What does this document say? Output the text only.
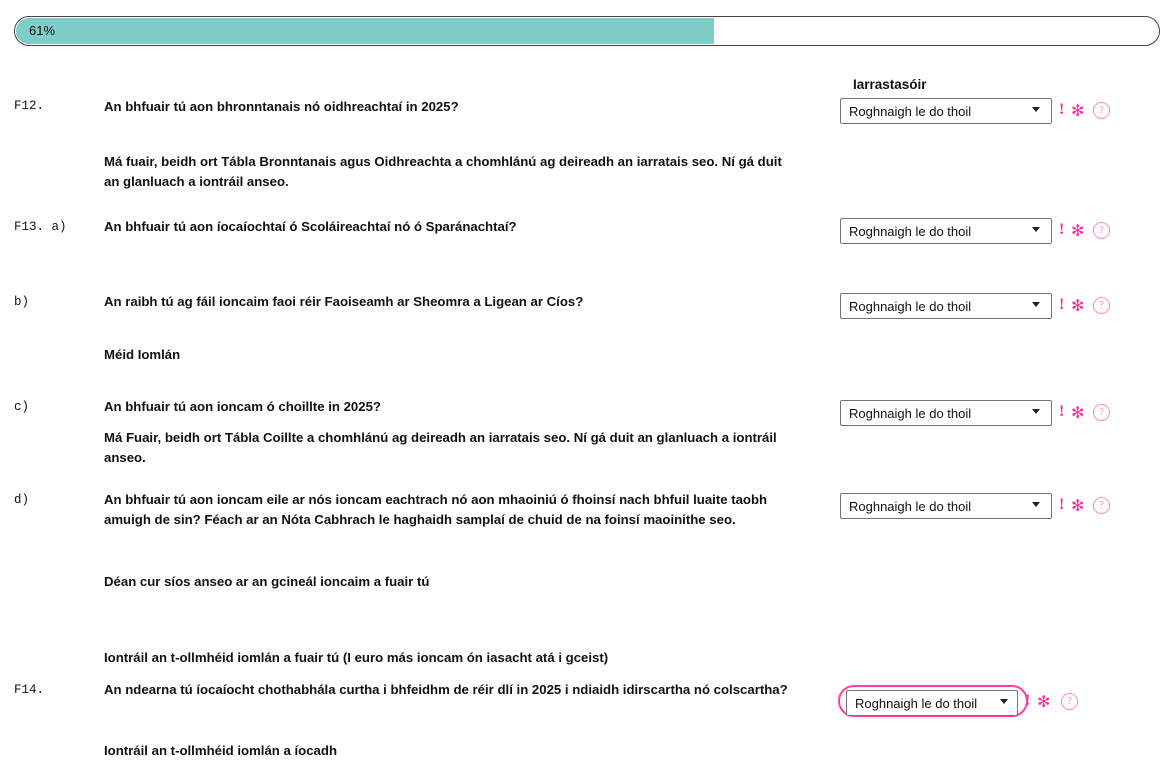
61%
Iarrastasóir
F12.	An bhfuair tú aon bhronntanais nó oidhreachtaí in 2025?
Roghnaigh le do thoil	! ✻	?
Má fuair, beidh ort Tábla Bronntanais agus Oidhreachta a chomhlánú ag deireadh an iarratais seo. Ní gá duit an glanluach a iontráil anseo.
F13. a)	An bhfuair tú aon íocaíochtaí ó Scoláireachtaí nó ó Sparánachtaí?
Roghnaigh le do thoil	! ✻	?
b)	An raibh tú ag fáil ioncaim faoi réir Faoiseamh ar Sheomra a Ligean ar Cíos?
Roghnaigh le do thoil	! ✻	?
Méid Iomlán
c)	An bhfuair tú aon ioncam ó choillte in 2025?
Roghnaigh le do thoil	! ✻	?
Má Fuair, beidh ort Tábla Coillte a chomhlánú ag deireadh an iarratais seo. Ní gá duit an glanluach a iontráil anseo.
d)	An bhfuair tú aon ioncam eile ar nós ioncam eachtrach nó aon mhaoiniú ó fhoinsí nach bhfuil luaite taobh amuigh de sin? Féach ar an Nóta Cabhrach le haghaidh samplaí de chuid de na foinsí maoinithe seo.
Roghnaigh le do thoil
! ✻	?
Déan cur síos anseo ar an gcineál ioncaim a fuair tú
Iontráil an t-ollmhéid iomlán a fuair tú (I euro más ioncam ón iasacht atá i gceist)
F14.	An ndearna tú íocaíocht chothabhála curtha i bhfeidhm de réir dlí in 2025 i ndiaidh idirscartha nó colscartha?
Roghnaigh le do thoil
! ✻	?
Iontráil an t-ollmhéid iomlán a íocadh
